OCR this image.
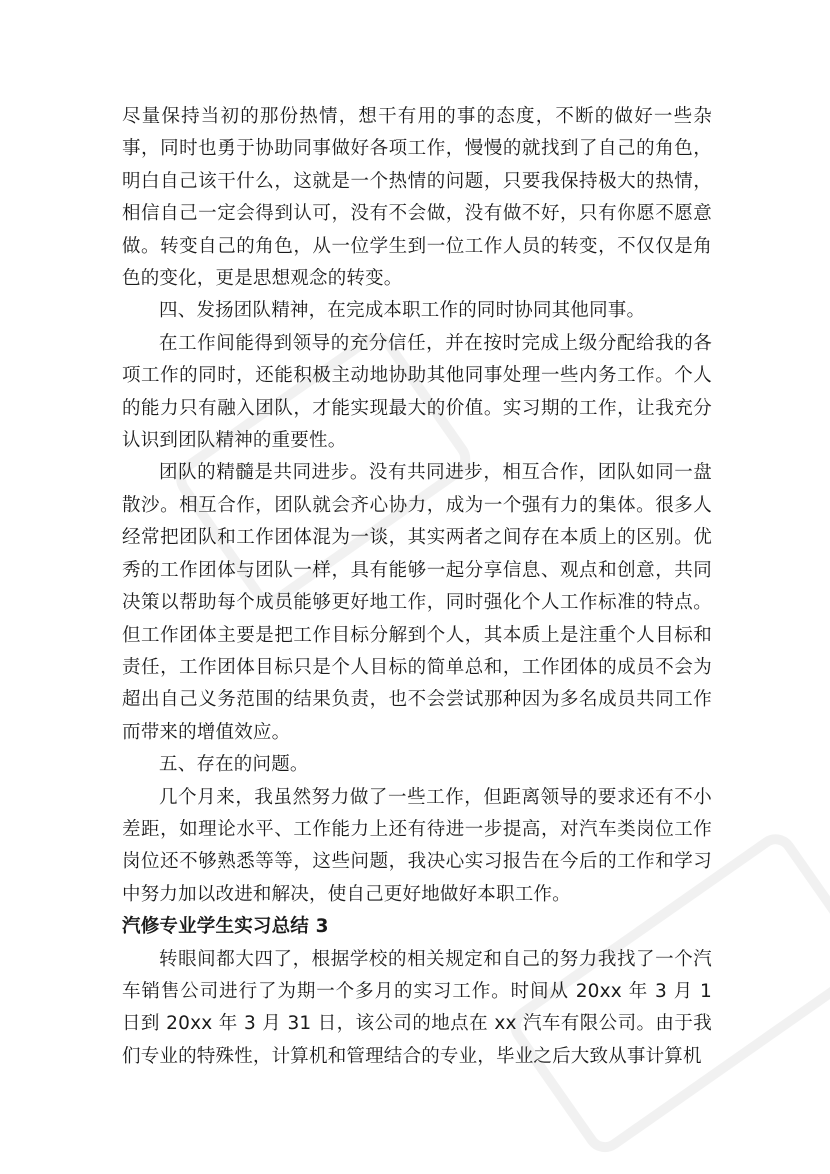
尽量保持当初的那份热情，想干有用的事的态度，不断的做好一些杂事，同时也勇于协助同事做好各项工作，慢慢的就找到了自己的角色，明白自己该干什么，这就是一个热情的问题，只要我保持极大的热情，相信自己一定会得到认可，没有不会做，没有做不好，只有你愿不愿意做。转变自己的角色，从一位学生到一位工作人员的转变，不仅仅是角色的变化，更是思想观念的转变。

四、发扬团队精神，在完成本职工作的同时协同其他同事。

在工作间能得到领导的充分信任，并在按时完成上级分配给我的各项工作的同时，还能积极主动地协助其他同事处理一些内务工作。个人的能力只有融入团队，才能实现最大的价值。实习期的工作，让我充分认识到团队精神的重要性。

团队的精髓是共同进步。没有共同进步，相互合作，团队如同一盘散沙。相互合作，团队就会齐心协力，成为一个强有力的集体。很多人经常把团队和工作团体混为一谈，其实两者之间存在本质上的区别。优秀的工作团体与团队一样，具有能够一起分享信息、观点和创意，共同决策以帮助每个成员能够更好地工作，同时强化个人工作标准的特点。但工作团体主要是把工作目标分解到个人，其本质上是注重个人目标和责任，工作团体目标只是个人目标的简单总和，工作团体的成员不会为超出自己义务范围的结果负责，也不会尝试那种因为多名成员共同工作而带来的增值效应。

五、存在的问题。

几个月来，我虽然努力做了一些工作，但距离领导的要求还有不小差距，如理论水平、工作能力上还有待进一步提高，对汽车类岗位工作岗位还不够熟悉等等，这些问题，我决心实习报告在今后的工作和学习中努力加以改进和解决，使自己更好地做好本职工作。

汽修专业学生实习总结 3

转眼间都大四了，根据学校的相关规定和自己的努力我找了一个汽车销售公司进行了为期一个多月的实习工作。时间从 20xx 年 3 月 1 日到 20xx 年 3 月 31 日，该公司的地点在 xx 汽车有限公司。由于我们专业的特殊性，计算机和管理结合的专业，毕业之后大致从事计算机
